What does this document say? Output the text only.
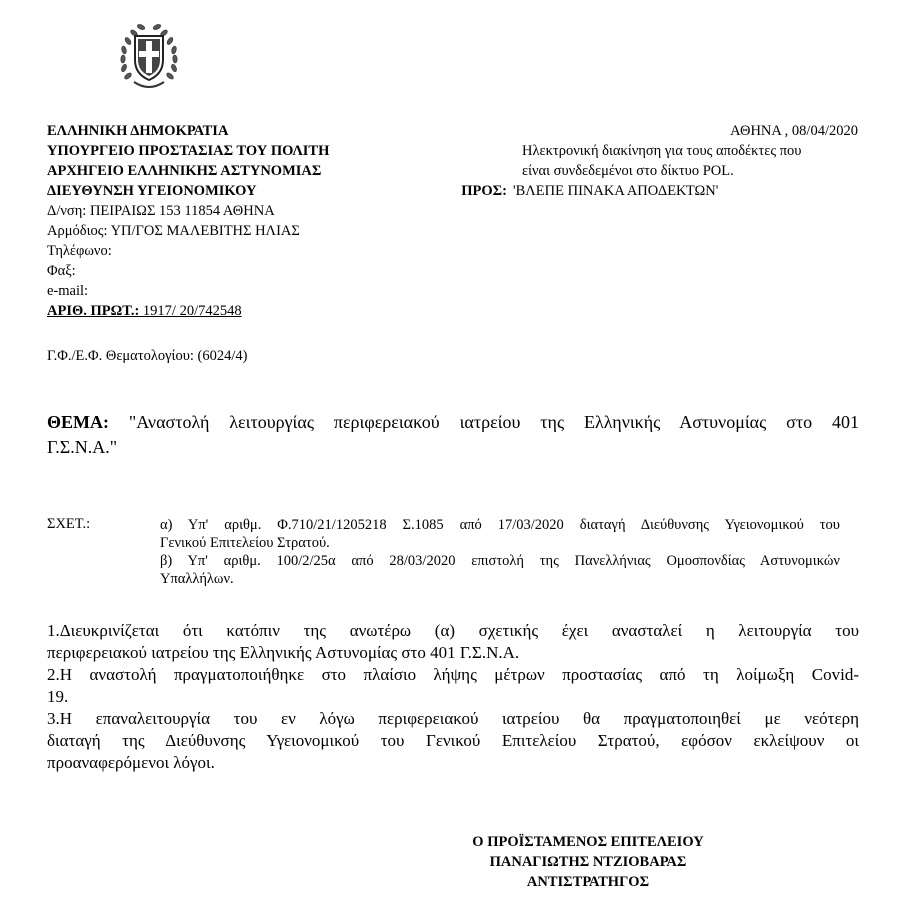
ΕΛΛΗΝΙΚΗ ΔΗΜΟΚΡΑΤΙΑ
ΥΠΟΥΡΓΕΙΟ ΠΡΟΣΤΑΣΙΑΣ ΤΟΥ ΠΟΛΙΤΗ
ΑΡΧΗΓΕΙΟ ΕΛΛΗΝΙΚΗΣ ΑΣΤΥΝΟΜΙΑΣ
ΔΙΕΥΘΥΝΣΗ ΥΓΕΙΟΝΟΜΙΚΟΥ
Δ/νση: ΠΕΙΡΑΙΩΣ 153 11854 ΑΘΗΝΑ
Αρμόδιος: ΥΠ/ΓΟΣ ΜΑΛΕΒΙΤΗΣ ΗΛΙΑΣ
Τηλέφωνο:
Φαξ:
e-mail:
ΑΡΙΘ. ΠΡΩΤ.: 1917/ 20/742548
ΑΘΗΝΑ , 08/04/2020
Ηλεκτρονική διακίνηση για τους αποδέκτες που
είναι συνδεδεμένοι στο δίκτυο POL.
ΠΡΟΣ: 'ΒΛΕΠΕ ΠΙΝΑΚΑ ΑΠΟΔΕΚΤΩΝ'
Γ.Φ./Ε.Φ. Θεματολογίου: (6024/4)
ΘΕΜΑ: "Αναστολή λειτουργίας περιφερειακού ιατρείου της Ελληνικής Αστυνομίας στο 401
Γ.Σ.Ν.Α."
ΣΧΕΤ.:	α) Υπ' αριθμ. Φ.710/21/1205218 Σ.1085 από 17/03/2020 διαταγή Διεύθυνσης Υγειονομικού του
Γενικού Επιτελείου Στρατού.
β) Υπ' αριθμ. 100/2/25α από 28/03/2020 επιστολή της Πανελλήνιας Ομοσπονδίας Αστυνομικών
Υπαλλήλων.
1.Διευκρινίζεται ότι κατόπιν της ανωτέρω (α) σχετικής έχει ανασταλεί η λειτουργία του
περιφερειακού ιατρείου της Ελληνικής Αστυνομίας στο 401 Γ.Σ.Ν.Α.
2.Η αναστολή πραγματοποιήθηκε στο πλαίσιο λήψης μέτρων προστασίας από τη λοίμωξη Covid-
19.
3.Η επαναλειτουργία του εν λόγω περιφερειακού ιατρείου θα πραγματοποιηθεί με νεότερη
διαταγή της Διεύθυνσης Υγειονομικού του Γενικού Επιτελείου Στρατού, εφόσον εκλείψουν οι
προαναφερόμενοι λόγοι.
Ο ΠΡΟΪΣΤΑΜΕΝΟΣ ΕΠΙΤΕΛΕΙΟΥ
ΠΑΝΑΓΙΩΤΗΣ ΝΤΖΙΟΒΑΡΑΣ
ΑΝΤΙΣΤΡΑΤΗΓΟΣ
